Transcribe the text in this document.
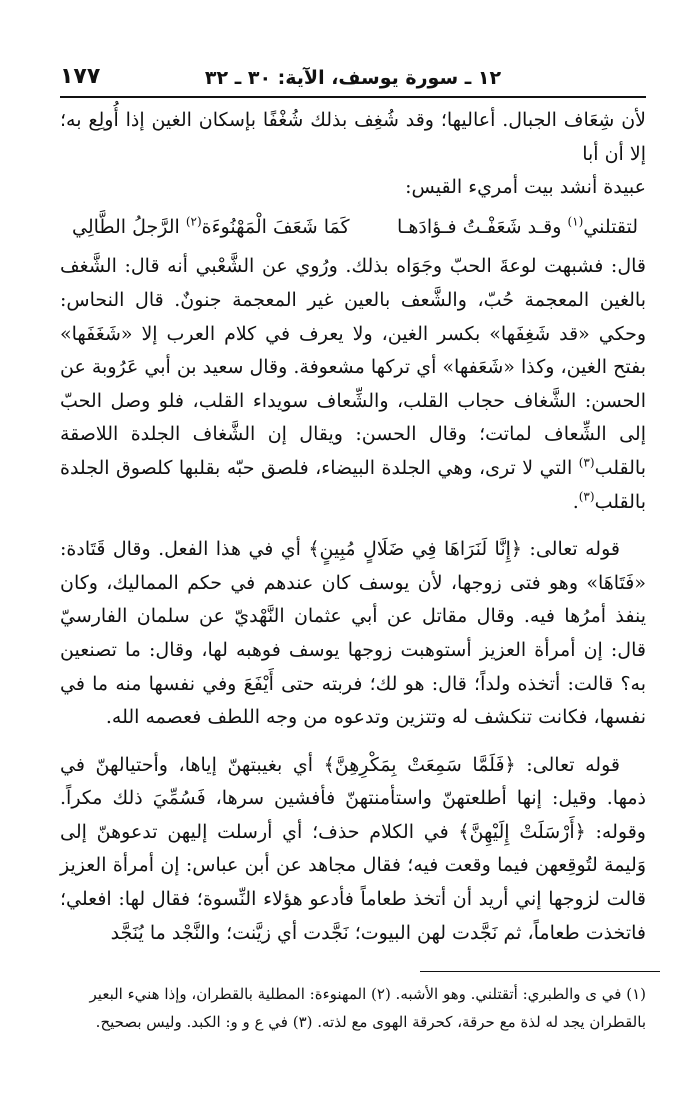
١٢ ـ سورة يوسف، الآية: ٣٠ ـ ٣٢
١٧٧

لأن شِعَاف الجبال. أعاليها؛ وقد شُغِف بذلك شُغْفًا بإسكان الغين إذا أُولِع به؛ إلا أن أبا
عبيدة أنشد بيت أمريء القيس:

لتقتلني$^{(١)}$ وقـد شَعَفْـتُ فـؤادَهـا
كَمَا شَعَفَ الْمَهْنُوءَة$^{(٢)}$ الرَّجلُ الطَّالِي

قال: فشبهت لوعةَ الحبّ وجَوَاه بذلك. ورُوي عن الشَّعْبي أنه قال: الشَّغف بالغين المعجمة حُبّ، والشَّعف بالعين غير المعجمة جنونٌ. قال النحاس: وحكي «قد شَغِفَها» بكسر الغين، ولا يعرف في كلام العرب إلا «شَغَفَها» بفتح الغين، وكذا «شَعَفها» أي تركها مشعوفة. وقال سعيد بن أبي عَرُوبة عن الحسن: الشَّغاف حجاب القلب، والشِّعاف سويداء القلب، فلو وصل الحبّ إلى الشِّعاف لماتت؛ وقال الحسن: ويقال إن الشَّغاف الجلدة اللاصقة بالقلب$^{(٣)}$ التي لا ترى، وهي الجلدة البيضاء، فلصق حبّه بقلبها كلصوق الجلدة بالقلب$^{(٣)}$.

قوله تعالى: ﴿إِنَّا لَنَرَاهَا فِي ضَلَالٍ مُبِينٍ﴾ أي في هذا الفعل. وقال قَتَادة: «فَتَاهَا» وهو فتى زوجها، لأن يوسف كان عندهم في حكم المماليك، وكان ينفذ أمرُها فيه. وقال مقاتل عن أبي عثمان النَّهْديّ عن سلمان الفارسيّ قال: إن أمرأة العزيز أستوهبت زوجها يوسف فوهبه لها، وقال: ما تصنعين به؟ قالت: أتخذه ولداً؛ قال: هو لك؛ فربته حتى أَيْفَعَ وفي نفسها منه ما في نفسها، فكانت تنكشف له وتتزين وتدعوه من وجه اللطف فعصمه الله.

قوله تعالى: ﴿فَلَمَّا سَمِعَتْ بِمَكْرِهِنَّ﴾ أي بغيبتهنّ إياها، وأحتيالهنّ في ذمها. وقيل: إنها أطلعتهنّ واستأمنتهنّ فأفشين سرها، فَسُمِّيَ ذلك مكراً. وقوله: ﴿أَرْسَلَتْ إِلَيْهِنَّ﴾ في الكلام حذف؛ أي أرسلت إليهن تدعوهنّ إلى وَليمة لتُوقِعهن فيما وقعت فيه؛ فقال مجاهد عن أبن عباس: إن أمرأة العزيز قالت لزوجها إني أريد أن أتخذ طعاماً فأدعو هؤلاء النِّسوة؛ فقال لها: افعلي؛ فاتخذت طعاماً، ثم نَجَّدت لهن البيوت؛ نَجَّدت أي زيَّنت؛ والنَّجْد ما يُنَجَّد

(١) في ى والطبري: أتقتلني. وهو الأشبه. (٢) المهنوءة: المطلية بالقطران، وإذا هنيء البعير

بالقطران يجد له لذة مع حرقة، كحرقة الهوى مع لذته. (٣) في ع و و: الكبد. وليس بصحيح.
